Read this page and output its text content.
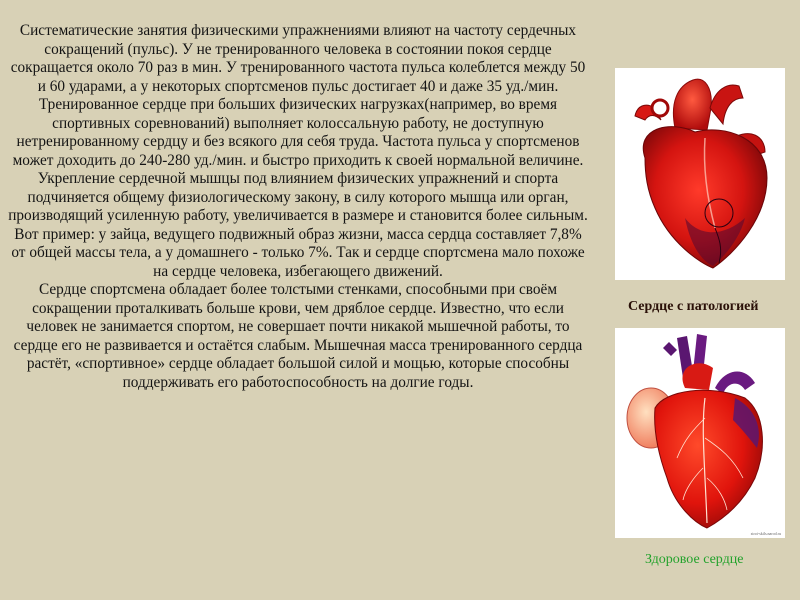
Систематические занятия физическими упражнениями влияют на частоту сердечных сокращений (пульс). У не тренированного человека в состоянии покоя сердце сокращается около 70 раз в мин. У тренированного частота пульса колеблется между 50 и 60 ударами, а у некоторых спортсменов пульс достигает 40 и даже 35 уд./мин.

Тренированное сердце при больших физических нагрузках(например, во время спортивных соревнований) выполняет колоссальную работу, не доступную нетренированному сердцу и без всякого для себя труда. Частота пульса у спортсменов может доходить до 240-280 уд./мин. и быстро приходить к своей нормальной величине. Укрепление сердечной мышцы под влиянием физических упражнений и спорта подчиняется общему физиологическому закону, в силу которого мышца или орган, производящий усиленную работу, увеличивается в размере и становится более сильным. Вот пример: у зайца, ведущего подвижный образ жизни, масса сердца составляет 7,8% от общей массы тела, а у домашнего - только 7%. Так и сердце спортсмена мало похоже на сердце человека, избегающего движений.

Сердце спортсмена обладает более толстыми стенками, способными при своём сокращении проталкивать больше крови, чем дряблое сердце. Известно, что если человек не занимается спортом, не совершает почти никакой мышечной работы, то сердце его не развивается и остаётся слабым. Мышечная масса тренированного сердца растёт, «спортивное» сердце обладает большой силой и мощью, которые способны поддерживать его работоспособность на долгие годы.

Сердце с патологией
stroi-skils.narod.ru
Здоровое сердце
